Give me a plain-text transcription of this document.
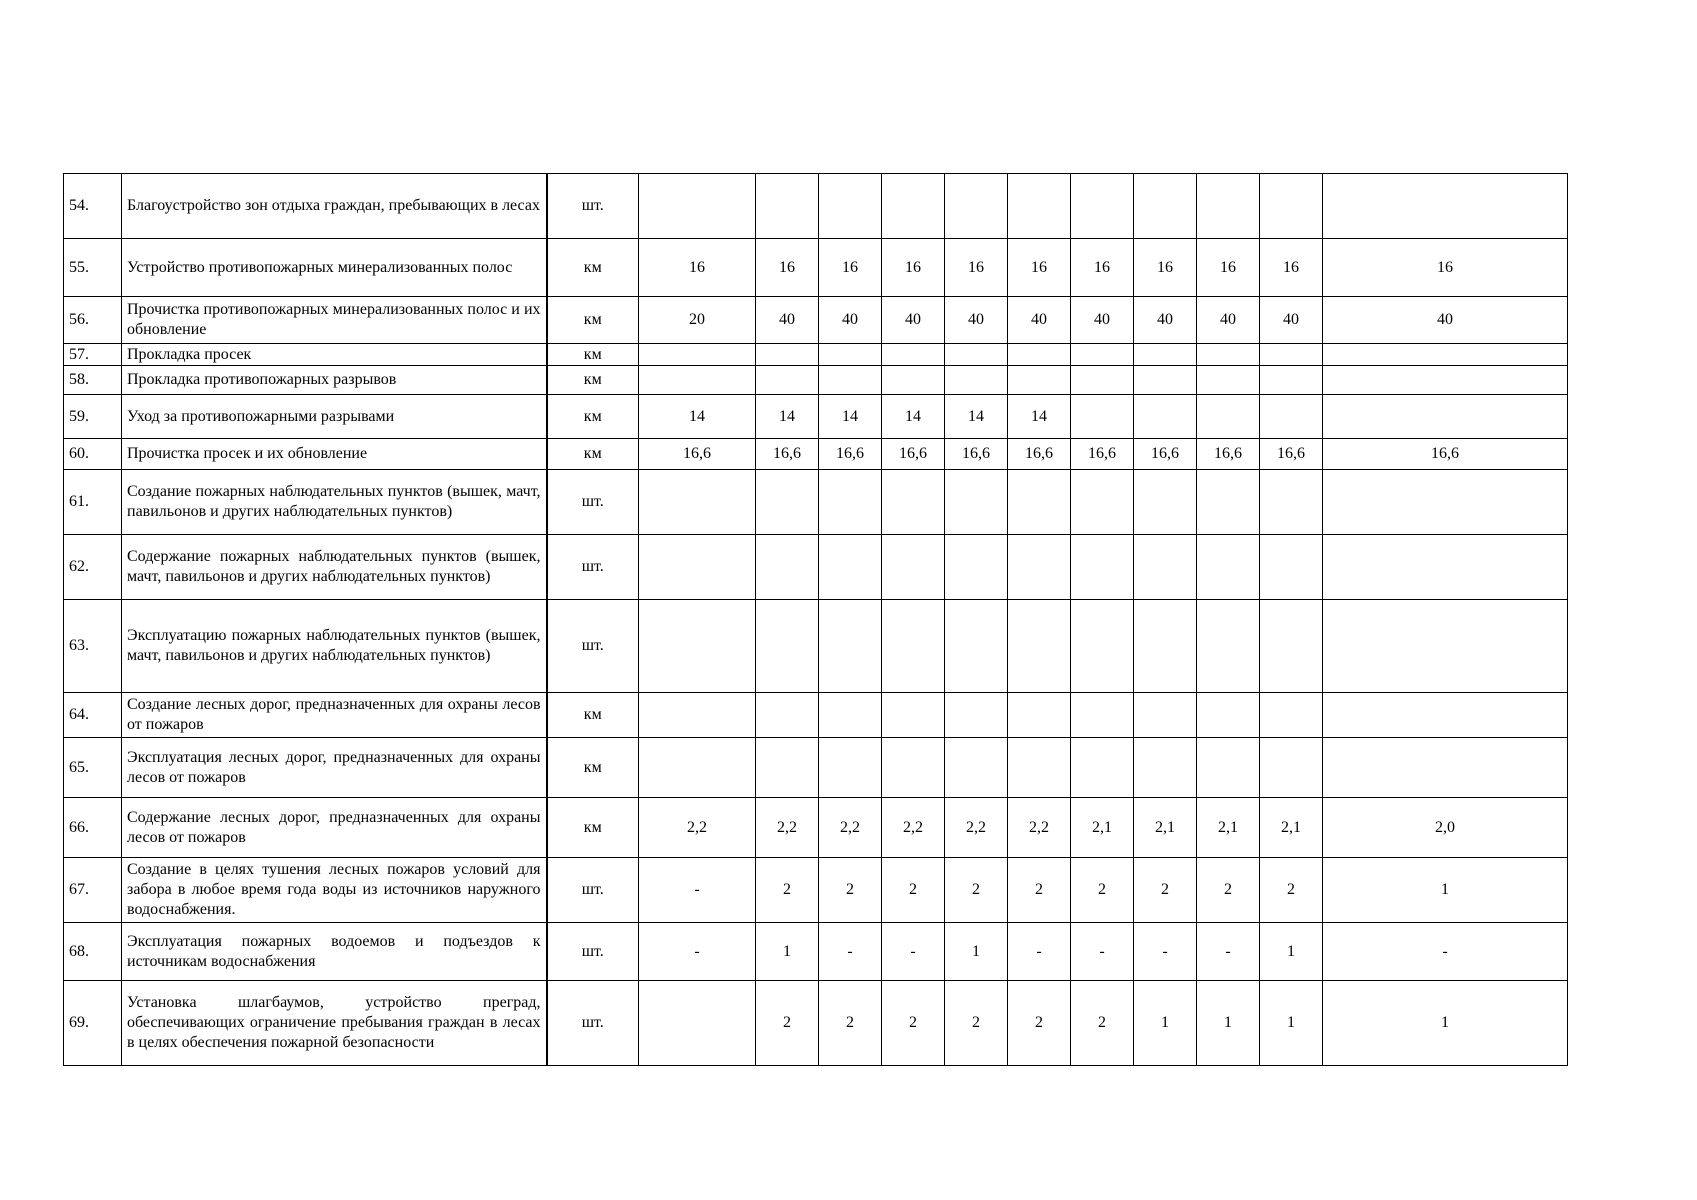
54.	Благоустройство зон отдыха граждан, пребывающих в лесах	шт.											
55.	Устройство противопожарных минерализованных полос	км	16	16	16	16	16	16	16	16	16	16	16
56.	Прочистка противопожарных минерализованных полос и их обновление	км	20	40	40	40	40	40	40	40	40	40	40
57.	Прокладка просек	км											
58.	Прокладка противопожарных разрывов	км											
59.	Уход за противопожарными разрывами	км	14	14	14	14	14	14					
60.	Прочистка просек и их обновление	км	16,6	16,6	16,6	16,6	16,6	16,6	16,6	16,6	16,6	16,6	16,6
61.	Создание пожарных наблюдательных пунктов (вышек, мачт, павильонов и других наблюдательных пунктов)	шт.											
62.	Содержание пожарных наблюдательных пунктов (вышек, мачт, павильонов и других наблюдательных пунктов)	шт.											
63.	Эксплуатацию пожарных наблюдательных пунктов (вышек, мачт, павильонов и других наблюдательных пунктов)	шт.											
64.	Создание лесных дорог, предназначенных для охраны лесов от пожаров	км											
65.	Эксплуатация лесных дорог, предназначенных для охраны лесов от пожаров	км											
66.	Содержание лесных дорог, предназначенных для охраны лесов от пожаров	км	2,2	2,2	2,2	2,2	2,2	2,2	2,1	2,1	2,1	2,1	2,0
67.	Создание в целях тушения лесных пожаров условий для забора в любое время года воды из источников наружного водоснабжения.	шт.	-	2	2	2	2	2	2	2	2	2	1
68.	Эксплуатация пожарных водоемов и подъездов к источникам водоснабжения	шт.	-	1	-	-	1	-	-	-	-	1	-
69.	Установка шлагбаумов, устройство преград, обеспечивающих ограничение пребывания граждан в лесах в целях обеспечения пожарной безопасности	шт.		2	2	2	2	2	2	1	1	1	1
